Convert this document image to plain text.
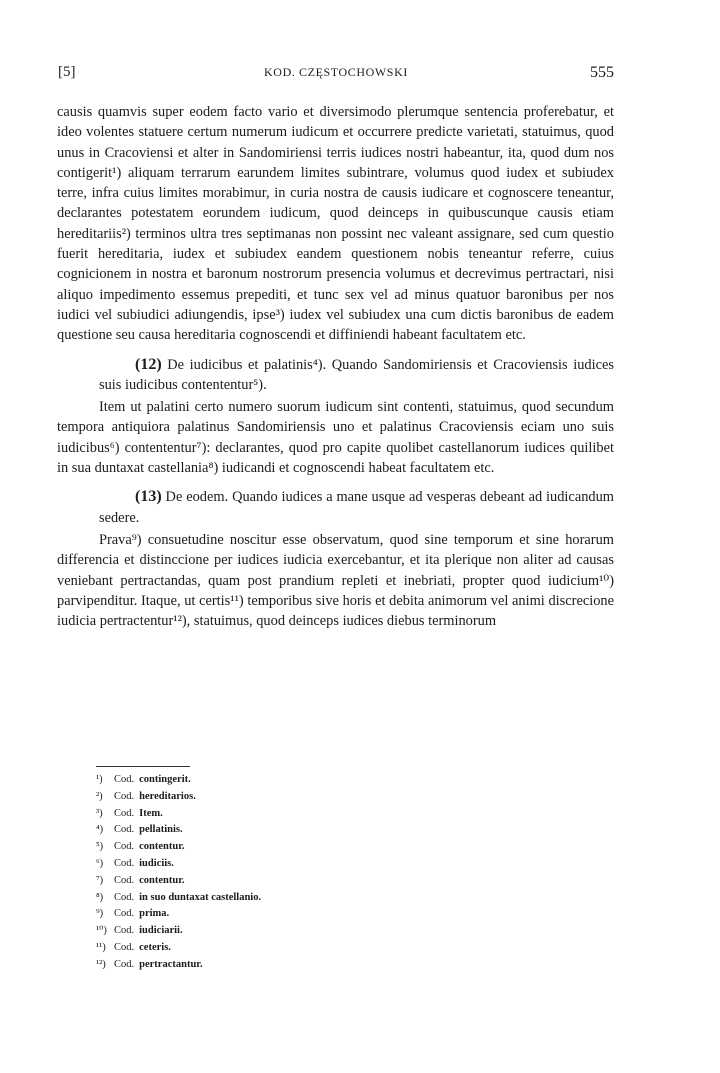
[5]	KOD. CZĘSTOCHOWSKI	555

causis quamvis super eodem facto vario et diversimodo plerumque sentencia proferebatur, et ideo volentes statuere certum numerum iudicum et occurrere predicte varietati, statuimus, quod unus in Cracoviensi et alter in Sandomiriensi terris iudices nostri habeantur, ita, quod dum nos contigerit¹) aliquam terrarum earundem limites subintrare, volumus quod iudex et subiudex terre, infra cuius limites morabimur, in curia nostra de causis iudicare et cognoscere teneantur, declarantes potestatem eorundem iudicum, quod deinceps in quibuscunque causis etiam hereditariis²) terminos ultra tres septimanas non possint nec valeant assignare, sed cum questio fuerit hereditaria, iudex et subiudex eandem questionem nobis teneantur referre, cuius cognicionem in nostra et baronum nostrorum presencia volumus et decrevimus pertractari, nisi aliquo impedimento essemus prepediti, et tunc sex vel ad minus quatuor baronibus per nos iudici vel subiudici adiungendis, ipse³) iudex vel subiudex una cum dictis baronibus de eadem questione seu causa hereditaria cognoscendi et diffiniendi habeant facultatem etc.

(12) De iudicibus et palatinis⁴). Quando Sandomiriensis et Cracoviensis iudices suis iudicibus contententur⁵).

Item ut palatini certo numero suorum iudicum sint contenti, statuimus, quod secundum tempora antiquiora palatinus Sandomiriensis uno et palatinus Cracoviensis eciam uno suis iudicibus⁶) contententur⁷): declarantes, quod pro capite quolibet castellanorum iudices quilibet in sua duntaxat castellania⁸) iudicandi et cognoscendi habeat facultatem etc.

(13) De eodem. Quando iudices a mane usque ad vesperas debeant ad iudicandum sedere.

Prava⁹) consuetudine noscitur esse observatum, quod sine temporum et sine horarum differencia et distinccione per iudices iudicia exercebantur, et ita plerique non aliter ad causas veniebant pertractandas, quam post prandium repleti et inebriati, propter quod iudicium¹⁰) parvipenditur. Itaque, ut certis¹¹) temporibus sive horis et debita animorum vel animi discrecione iudicia pertractentur¹²), statuimus, quod deinceps iudices diebus terminorum

¹) Cod. contingerit.
²) Cod. hereditarios.
³) Cod. Item.
⁴) Cod. pellatinis.
⁵) Cod. contentur.
⁶) Cod. iudiciis.
⁷) Cod. contentur.
⁸) Cod. in suo duntaxat castellanio.
⁹) Cod. prima.
¹⁰) Cod. iudiciarii.
¹¹) Cod. ceteris.
¹²) Cod. pertractantur.
